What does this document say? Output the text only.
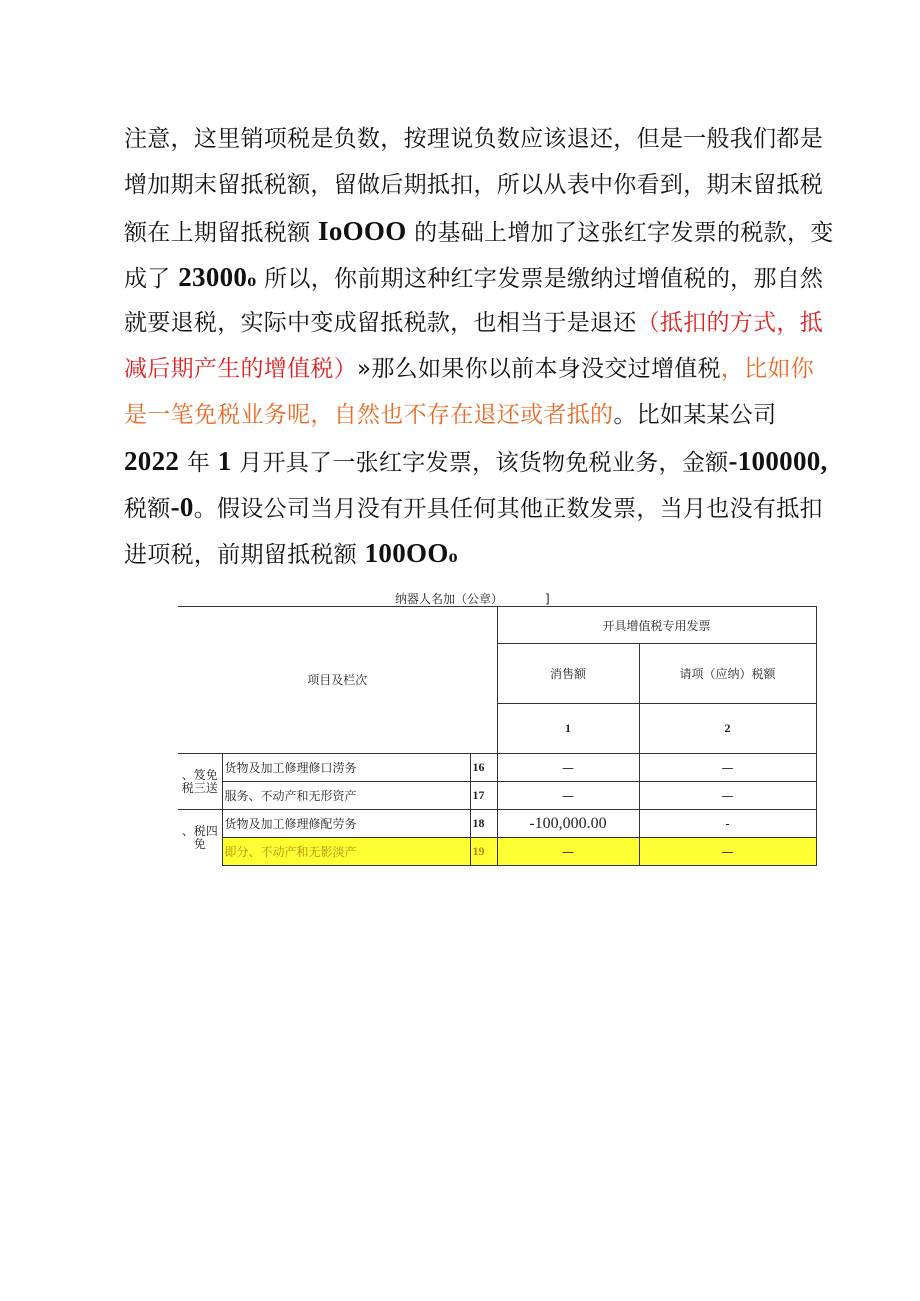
注意，这里销项税是负数，按理说负数应该退还，但是一般我们都是
增加期末留抵税额，留做后期抵扣，所以从表中你看到，期末留抵税
额在上期留抵税额 IoOOO 的基础上增加了这张红字发票的税款，变
成了 23000o 所以，你前期这种红字发票是缴纳过增值税的，那自然
就要退税，实际中变成留抵税款，也相当于是退还（抵扣的方式，抵
减后期产生的增值税）»那么如果你以前本身没交过增值税，比如你
是一笔免税业务呢，自然也不存在退还或者抵的。比如某某公司
2022 年 1 月开具了一张红字发票，该货物免税业务，金额-100000,
税额-0。假设公司当月没有开具任何其他正数发票，当月也没有抵扣
进项税，前期留抵税额 100OOo
纳器人名加（公章）	]
项目及栏次			开具增值税专用发票	
			消售额	请项（应纳）税额
			1	2
、笈免税三送	货物及加工修理修口涝务	16	—	—
	服务、不动产和无形资产	17	—	—
、税四免	货物及加工修理修配劳务	18	-100,000.00	-
	即分、不动产和无影淡产	19	—	—
